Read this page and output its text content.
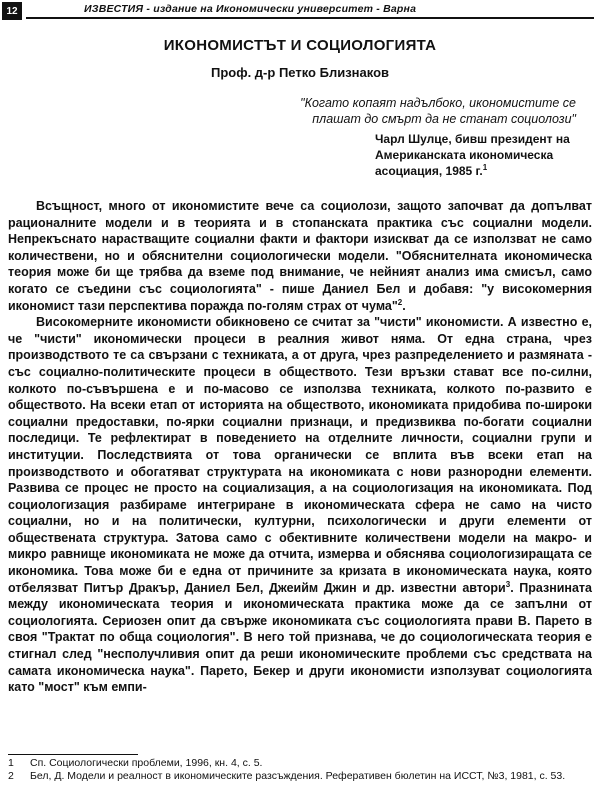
12	ИЗВЕСТИЯ - издание на Икономически университет - Варна
ИКОНОМИСТЪТ И СОЦИОЛОГИЯТА
Проф. д-р Петко Близнаков
"Когато копаят надълбоко, икономистите се
плашат до смърт да не станат социолози"
Чарл Шулце, бивш президент на
Американската икономическа
асоциация, 1985 г.$^1$

Всъщност, много от икономистите вече са социолози, защото започват да допълват рационалните модели и в теорията и в стопанската практика със социални модели. Непрекъснато нарастващите социални факти и фактори изискват да се използват не само количествени, но и обяснителни социологически модели. "Обяснителната икономическа теория може би ще трябва да вземе под внимание, че нейният анализ има смисъл, само когато се съедини със социологията" - пише Даниел Бел и добавя: "у високомерния икономист тази перспектива поражда по-голям страх от чума"$^2$.

Високомерните икономисти обикновено се считат за "чисти" икономисти. А известно е, че "чисти" икономически процеси в реалния живот няма. От една страна, чрез производството те са свързани с техниката, а от друга, чрез разпределението и размяната - със социално-политическите процеси в обществото. Тези връзки стават все по-силни, колкото по-съвършена е и по-масово се използва техниката, колкото по-развито е обществото. На всеки етап от историята на обществото, икономиката придобива по-широки социални предоставки, по-ярки социални признаци, и предизвиква по-богати социални последици. Те рефлектират в поведението на отделните личности, социални групи и институции. Последствията от това органически се вплита във всеки етап на производството и обогатяват структурата на икономиката с нови разнородни елементи. Развива се процес не просто на социализация, а на социологизация на икономиката. Под социологизация разбираме интегриране в икономическата сфера не само на чисто социални, но и на политически, културни, психологически и други елементи от обществената структура. Затова само с обективните количествени модели на макро- и микро равнище икономиката не може да отчита, измерва и обяснява социологизиращата се икономика. Това може би е една от причините за кризата в икономическата наука, която отбелязват Питър Дракър, Даниел Бел, Джеийм Джин и др. известни автори$^3$. Празнината между икономическата теория и икономическата практика може да се запълни от социологията. Сериозен опит да свърже икономиката със социологията прави В. Парето в своя "Трактат по обща социология". В него той признава, че до социологическата теория е стигнал след "несполучливия опит да реши икономическите проблеми със средствата на самата икономическа наука". Парето, Бекер и други икономисти използуват социологията като "мост" към емпи-

1	Сп. Социологически проблеми, 1996, кн. 4, с. 5.
2	Бел, Д. Модели и реалност в икономическите разсъждения. Реферативен бюлетин на ИССТ, №3, 1981, с. 53.
